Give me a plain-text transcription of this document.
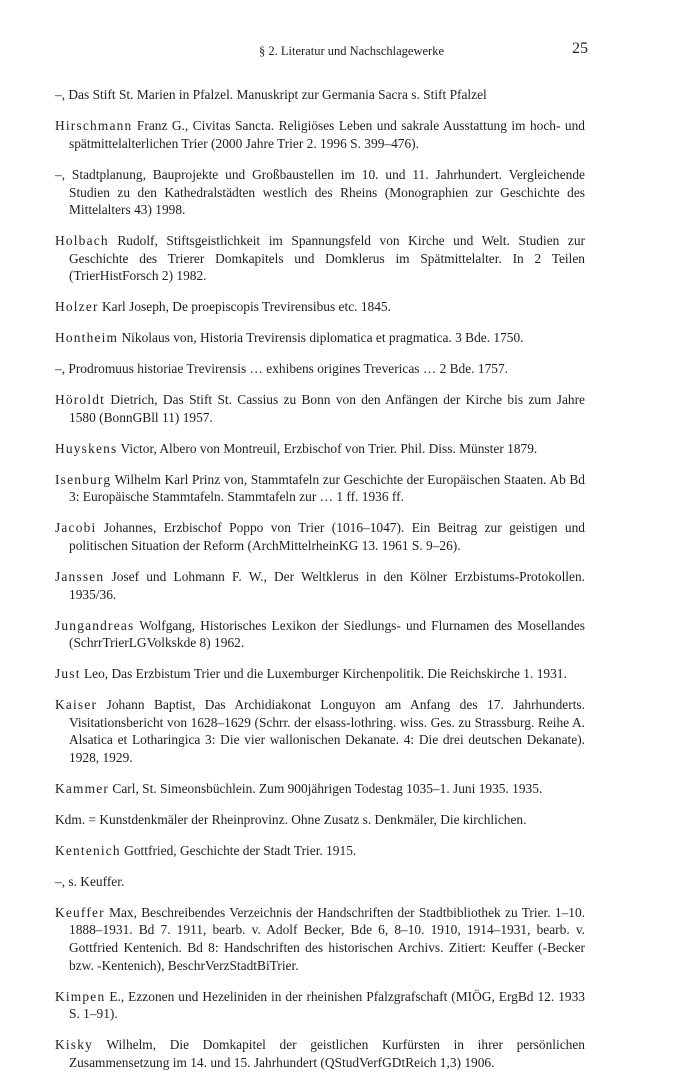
§ 2. Literatur und Nachschlagewerke	25

–, Das Stift St. Marien in Pfalzel. Manuskript zur Germania Sacra s. Stift Pfalzel

Hirschmann Franz G., Civitas Sancta. Religiöses Leben und sakrale Ausstattung im hoch- und spätmittelalterlichen Trier (2000 Jahre Trier 2. 1996 S. 399–476).

–, Stadtplanung, Bauprojekte und Großbaustellen im 10. und 11. Jahrhundert. Vergleichende Studien zu den Kathedralstädten westlich des Rheins (Monographien zur Geschichte des Mittelalters 43) 1998.

Holbach Rudolf, Stiftsgeistlichkeit im Spannungsfeld von Kirche und Welt. Studien zur Geschichte des Trierer Domkapitels und Domklerus im Spätmittelalter. In 2 Teilen (TrierHistForsch 2) 1982.

Holzer Karl Joseph, De proepiscopis Trevirensibus etc. 1845.

Hontheim Nikolaus von, Historia Trevirensis diplomatica et pragmatica. 3 Bde. 1750.

–, Prodromuus historiae Trevirensis … exhibens origines Trevericas … 2 Bde. 1757.

Höroldt Dietrich, Das Stift St. Cassius zu Bonn von den Anfängen der Kirche bis zum Jahre 1580 (BonnGBll 11) 1957.

Huyskens Victor, Albero von Montreuil, Erzbischof von Trier. Phil. Diss. Münster 1879.

Isenburg Wilhelm Karl Prinz von, Stammtafeln zur Geschichte der Europäischen Staaten. Ab Bd 3: Europäische Stammtafeln. Stammtafeln zur … 1 ff. 1936 ff.

Jacobi Johannes, Erzbischof Poppo von Trier (1016–1047). Ein Beitrag zur geistigen und politischen Situation der Reform (ArchMittelrheinKG 13. 1961 S. 9–26).

Janssen Josef und Lohmann F. W., Der Weltklerus in den Kölner Erzbistums-Protokollen. 1935/36.

Jungandreas Wolfgang, Historisches Lexikon der Siedlungs- und Flurnamen des Mosellandes (SchrrTrierLGVolkskde 8) 1962.

Just Leo, Das Erzbistum Trier und die Luxemburger Kirchenpolitik. Die Reichskirche 1. 1931.

Kaiser Johann Baptist, Das Archidiakonat Longuyon am Anfang des 17. Jahrhunderts. Visitationsbericht von 1628–1629 (Schrr. der elsass-lothring. wiss. Ges. zu Strassburg. Reihe A. Alsatica et Lotharingica 3: Die vier wallonischen Dekanate. 4: Die drei deutschen Dekanate). 1928, 1929.

Kammer Carl, St. Simeonsbüchlein. Zum 900jährigen Todestag 1035–1. Juni 1935. 1935.

Kdm. = Kunstdenkmäler der Rheinprovinz. Ohne Zusatz s. Denkmäler, Die kirchlichen.

Kentenich Gottfried, Geschichte der Stadt Trier. 1915.

–, s. Keuffer.

Keuffer Max, Beschreibendes Verzeichnis der Handschriften der Stadtbibliothek zu Trier. 1–10. 1888–1931. Bd 7. 1911, bearb. v. Adolf Becker, Bde 6, 8–10. 1910, 1914–1931, bearb. v. Gottfried Kentenich. Bd 8: Handschriften des historischen Archivs. Zitiert: Keuffer (-Becker bzw. -Kentenich), BeschrVerzStadtBiTrier.

Kimpen E., Ezzonen und Hezeliniden in der rheinishen Pfalzgrafschaft (MIÖG, ErgBd 12. 1933 S. 1–91).

Kisky Wilhelm, Die Domkapitel der geistlichen Kurfürsten in ihrer persönlichen Zusammensetzung im 14. und 15. Jahrhundert (QStudVerfGDtReich 1,3) 1906.
